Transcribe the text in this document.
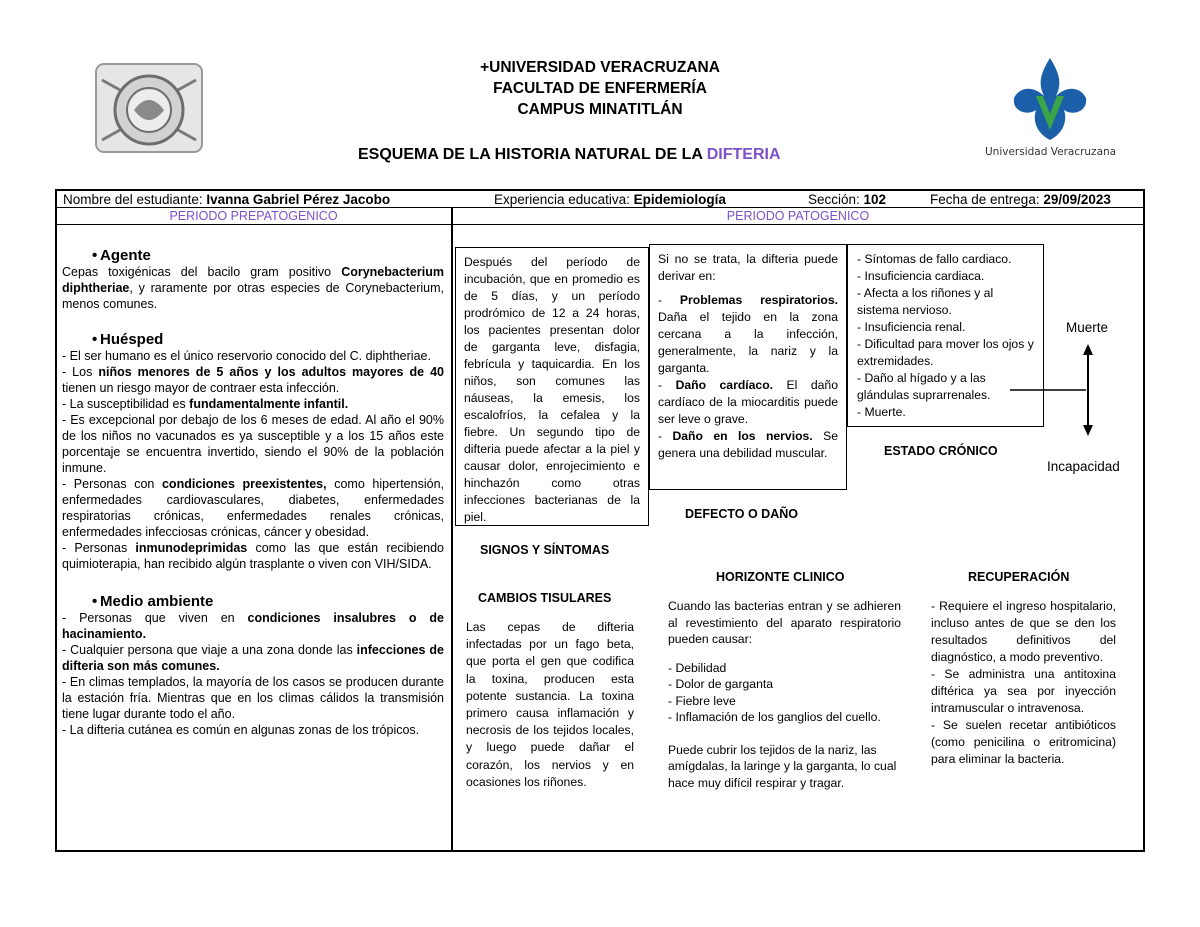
+UNIVERSIDAD VERACRUZANA
FACULTAD DE ENFERMERÍA
CAMPUS MINATITLÁN
ESQUEMA DE LA HISTORIA NATURAL DE LA DIFTERIA	Universidad Veracruzana
Nombre del estudiante: Ivanna Gabriel Pérez Jacobo	Experiencia educativa: Epidemiología	Sección: 102	Fecha de entrega: 29/09/2023
PERIODO PREPATOGENICO	PERIODO PATOGENICO

• Agente

Cepas toxigénicas del bacilo gram positivo Corynebacterium diphtheriae, y raramente por otras especies de Corynebacterium, menos comunes.

• Huésped

- El ser humano es el único reservorio conocido del C. diphtheriae.

- Los niños menores de 5 años y los adultos mayores de 40 tienen un riesgo mayor de contraer esta infección.

- La susceptibilidad es fundamentalmente infantil.

- Es excepcional por debajo de los 6 meses de edad. Al año el 90% de los niños no vacunados es ya susceptible y a los 15 años este porcentaje se encuentra invertido, siendo el 90% de la población inmune.

- Personas con condiciones preexistentes, como hipertensión, enfermedades cardiovasculares, diabetes, enfermedades respiratorias crónicas, enfermedades renales crónicas, enfermedades infecciosas crónicas, cáncer y obesidad.

- Personas inmunodeprimidas como las que están recibiendo quimioterapia, han recibido algún trasplante o viven con VIH/SIDA.

• Medio ambiente

- Personas que viven en condiciones insalubres o de hacinamiento.

- Cualquier persona que viaje a una zona donde las infecciones de difteria son más comunes.

- En climas templados, la mayoría de los casos se producen durante la estación fría. Mientras que en los climas cálidos la transmisión tiene lugar durante todo el año.

- La difteria cutánea es común en algunas zonas de los trópicos.

Después del período de incubación, que en promedio es de 5 días, y un período prodrómico de 12 a 24 horas, los pacientes presentan dolor de garganta leve, disfagia, febrícula y taquicardia. En los niños, son comunes las náuseas, la emesis, los escalofríos, la cefalea y la fiebre. Un segundo tipo de difteria puede afectar a la piel y causar dolor, enrojecimiento e hinchazón como otras infecciones bacterianas de la piel.

Si no se trata, la difteria puede derivar en:

- Problemas respiratorios. Daña el tejido en la zona cercana a la infección, generalmente, la nariz y la garganta.

- Daño cardíaco. El daño cardíaco de la miocarditis puede ser leve o grave.

- Daño en los nervios. Se genera una debilidad muscular.

- Síntomas de fallo cardiaco.

- Insuficiencia cardiaca.

- Afecta a los riñones y al sistema nervioso.

- Insuficiencia renal.

- Dificultad para mover los ojos y extremidades.

- Daño al hígado y a las glándulas suprarrenales.

- Muerte.

Muerte
Incapacidad
ESTADO CRÓNICO
DEFECTO O DAÑO
SIGNOS Y SÍNTOMAS
CAMBIOS TISULARES
HORIZONTE CLINICO	RECUPERACIÓN
Las cepas de difteria infectadas por un fago beta, que porta el gen que codifica la toxina, producen esta potente sustancia. La toxina primero causa inflamación y necrosis de los tejidos locales, y luego puede dañar el corazón, los nervios y en ocasiones los riñones.

Cuando las bacterias entran y se adhieren al revestimiento del aparato respiratorio pueden causar:

- Debilidad

- Dolor de garganta

- Fiebre leve

- Inflamación de los ganglios del cuello.

Puede cubrir los tejidos de la nariz, las amígdalas, la laringe y la garganta, lo cual hace muy difícil respirar y tragar.

- Requiere el ingreso hospitalario, incluso antes de que se den los resultados definitivos del diagnóstico, a modo preventivo.

- Se administra una antitoxina diftérica ya sea por inyección intramuscular o intravenosa.

- Se suelen recetar antibióticos (como penicilina o eritromicina) para eliminar la bacteria.
